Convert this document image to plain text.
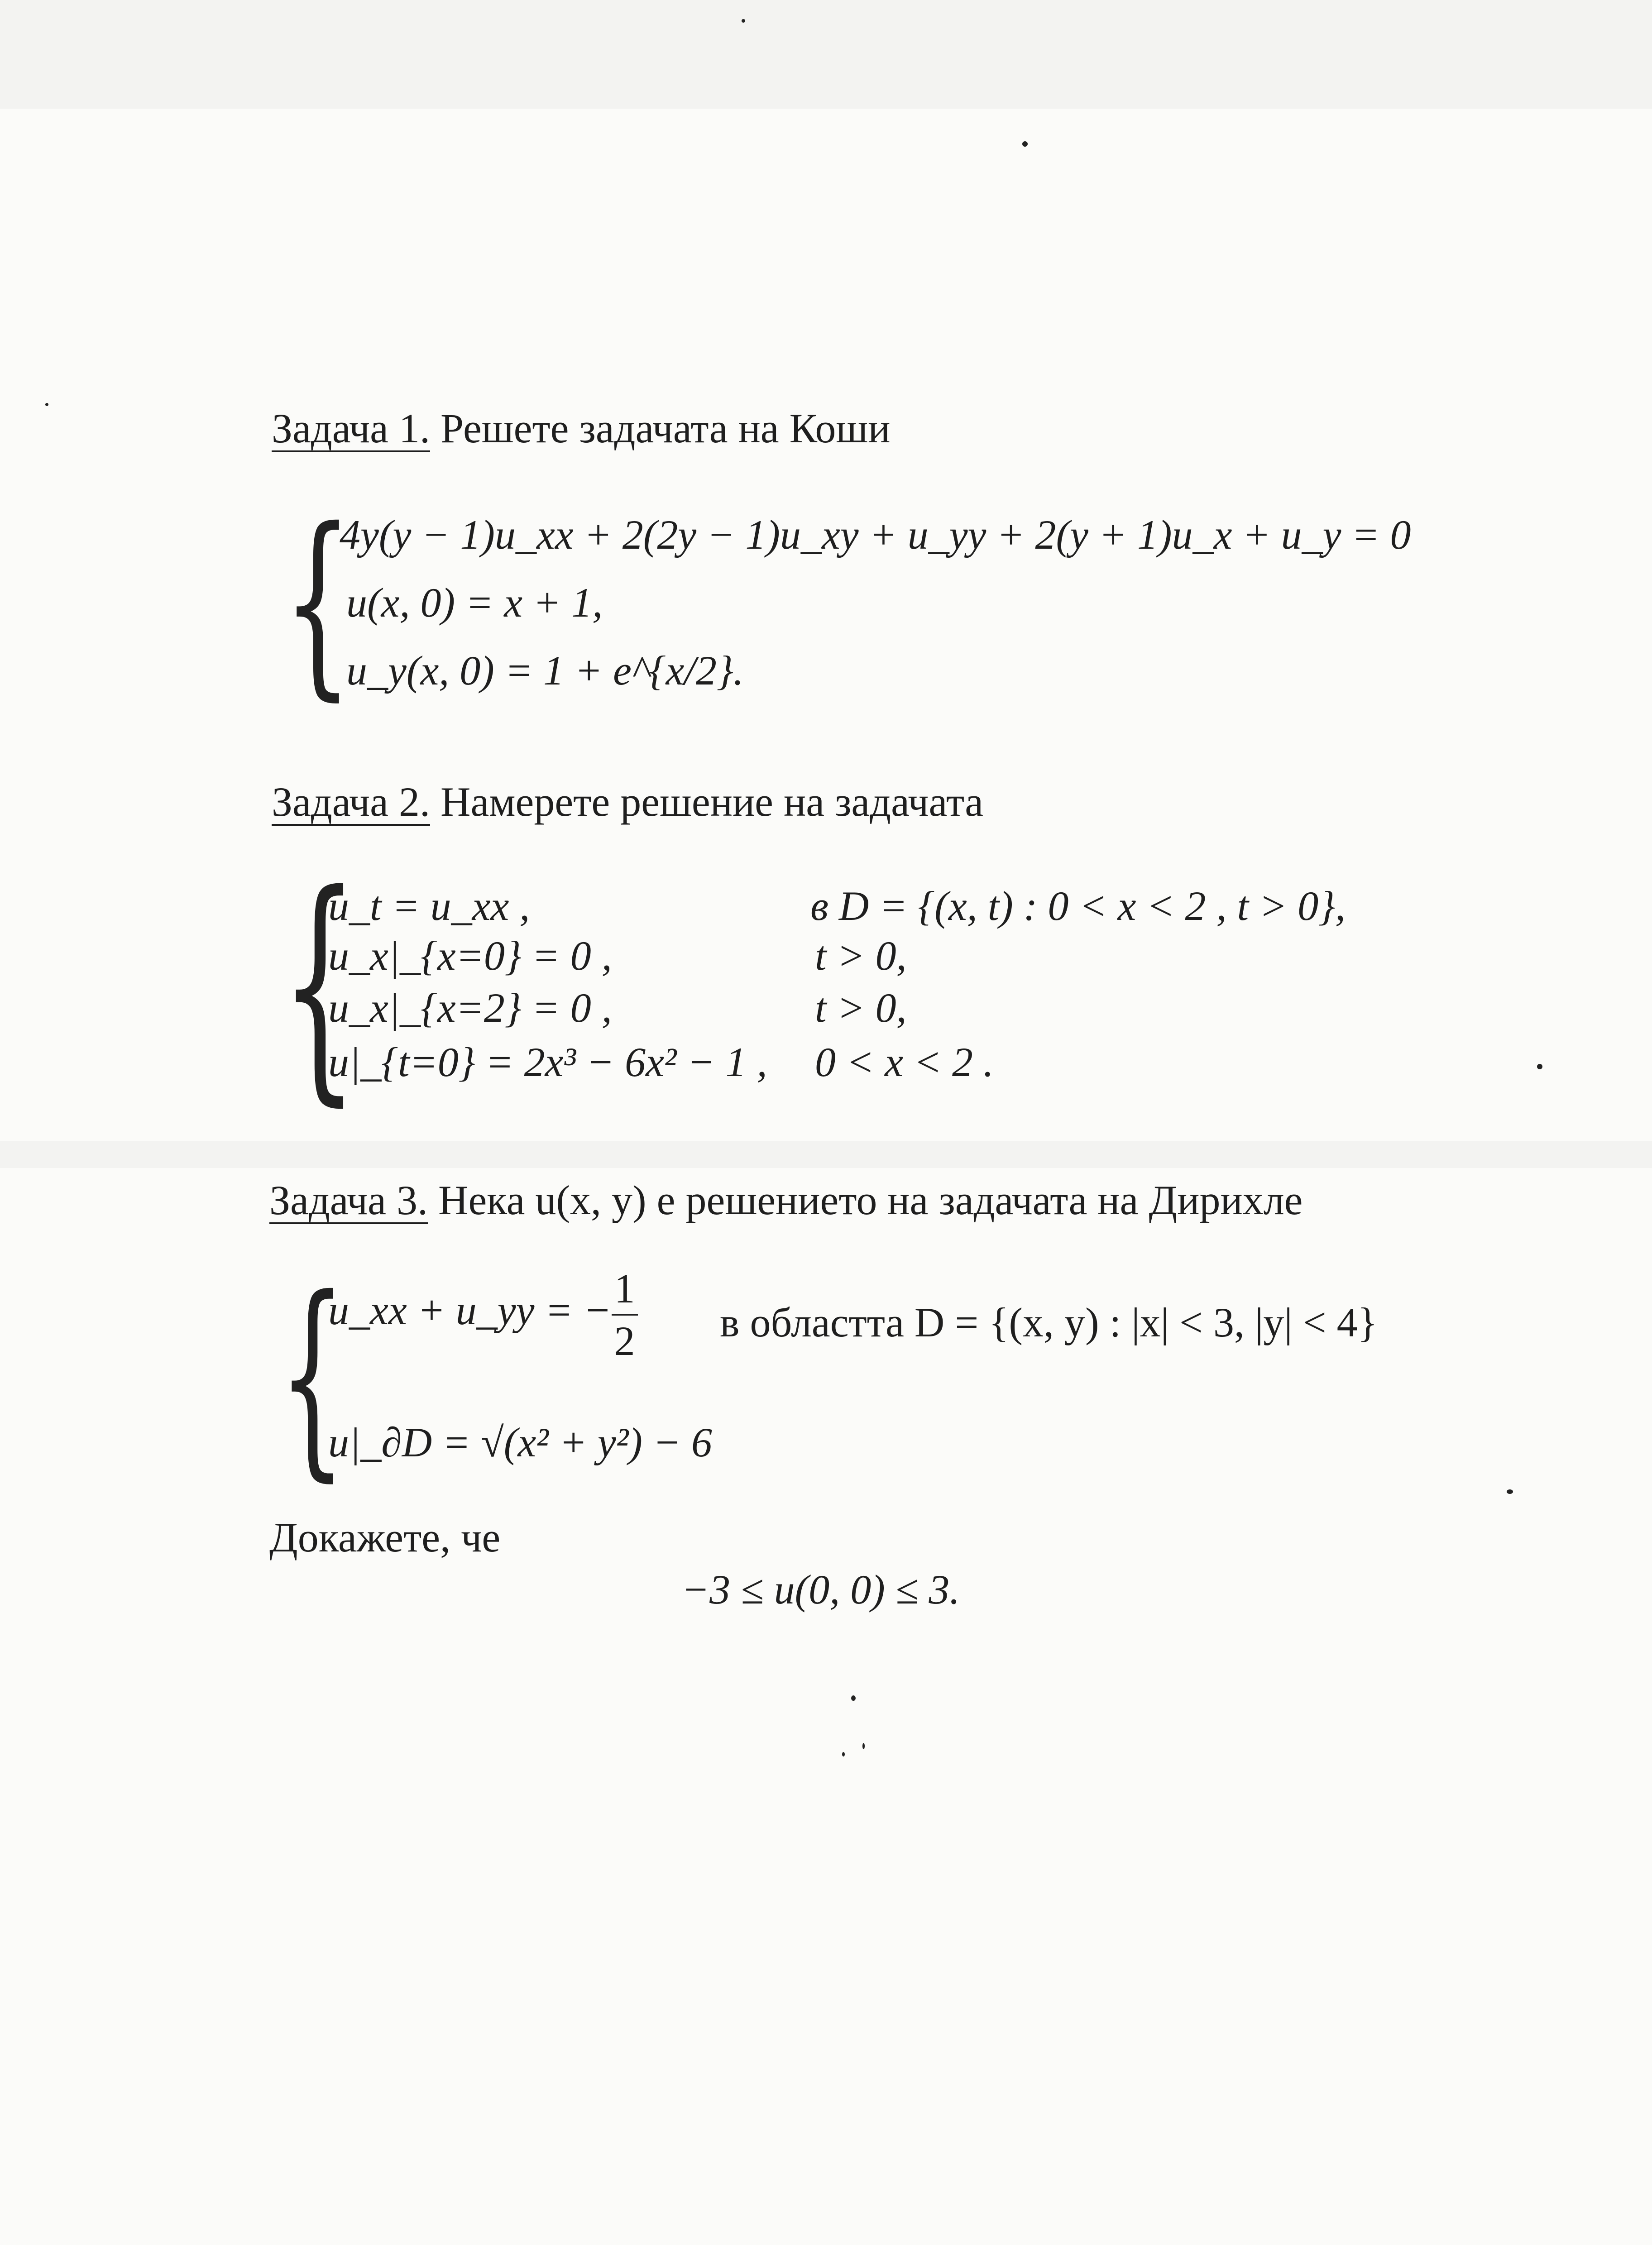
Задача 1. Решете задачата на Коши
{
4y(y − 1)u_xx + 2(2y − 1)u_xy + u_yy + 2(y + 1)u_x + u_y = 0
u(x, 0) = x + 1,
u_y(x, 0) = 1 + e^{x/2}.
Задача 2. Намерете решение на задачата
{
u_t = u_xx ,	в D = {(x, t) : 0 < x < 2 , t > 0},
u_x|_{x=0} = 0 ,	t > 0,
u_x|_{x=2} = 0 ,	t > 0,
u|_{t=0} = 2x³ − 6x² − 1 , 0 < x < 2 .
Задача 3. Нека u(x, y) е решението на задачата на Дирихле
{
u_xx + u_yy = − $\frac{1}{2}$ в областта D = {(x, y) : |x| < 3, |y| < 4}
u|_∂D = √(x² + y²) − 6
Докажете, че
−3 ≤ u(0, 0) ≤ 3.
